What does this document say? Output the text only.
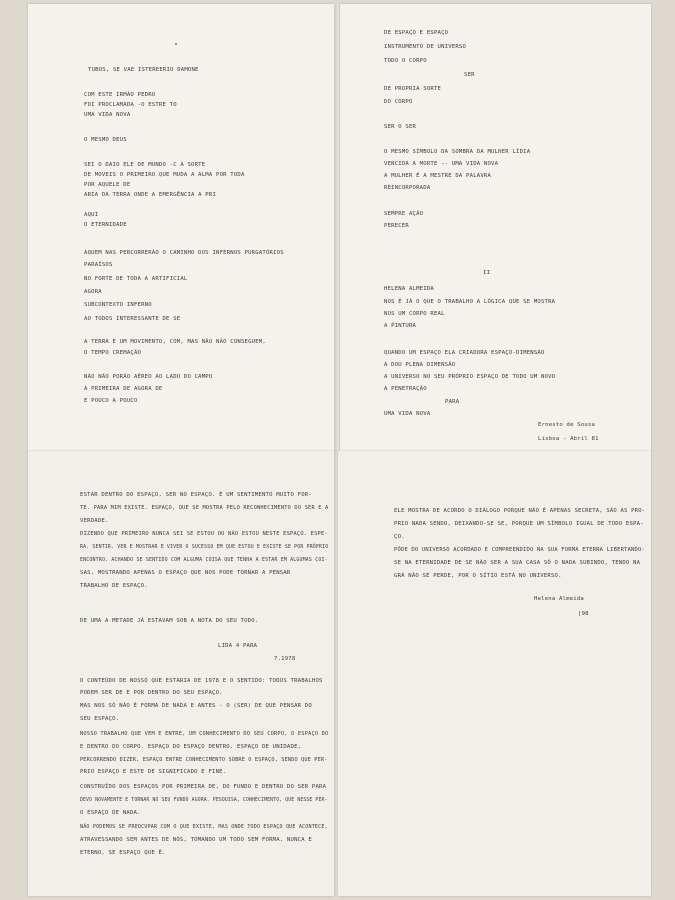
TUBOS, SE VAE ISTEREERIO DAMONE
COM ESTE IRMÃO PEDRO
FOI PROCLAMADA -O ESTRE TO
UMA VIDA NOVA
O MESMO DEUS
SEI O DAIO ELE DE MUNDO -C A SORTE
DE MOVEIS O PRIMEIRO QUE MUDA A ALMA POR TODA
POR AQUELE DE
ARIA DA TERRA ONDE A EMERGÊNCIA A PRI
AQUI
O ETERNIDADE
AQUEM NAS PERCORRERÃO O CAMINHO DOS INFERNOS PURGATÓRIOS
PARAÍSOS
NO FORTE DE TODA A ARTIFICIAL
AGORA
SUBCONTEXTO INFERNO
AO TODOS INTERESSANTE DE SE
A TERRA E UM MOVIMENTO, COM, MAS NÃO NÃO CONSEGUEM,
O TEMPO CREMAÇÃO
NÃO NÃO PORÃO AÉREO AO LADO DO CAMPO
A PRIMEIRA DE AGORA DE
E POUCO A POUCO
DE ESPAÇO E ESPAÇO
INSTRUMENTO DE UNIVERSO
TODO O CORPO
SER
DE PROPRIA SORTE
DO CORPO
SER O SER
O MESMO SÍMBOLO DA SOMBRA DA MULHER LÍDIA
VENCIDA A MORTE -- UMA VIDA NOVA
A MULHER É A MESTRE DA PALAVRA
REINCORPORADA
SEMPRE AÇÃO
PERECER
II
HELENA ALMEIDA
NOS É JÁ O QUE O TRABALHO A LÓGICA QUE SE MOSTRA
NOS UM CORPO REAL
A PINTURA
QUANDO UM ESPAÇO ELA CRIADORA ESPAÇO-DIMENSÃO
A DOU PLENA DIMENSÃO
A UNIVERSO NO SEU PRÓPRIO ESPAÇO DE TODO UM NOVO
A PENETRAÇÃO
PARA
UMA VIDA NOVA
Ernesto de Sousa
Lisboa - Abril 81
ESTAR DENTRO DO ESPAÇO, SER NO ESPAÇO. É UM SENTIMENTO MUITO FOR-
TE. PARA MIM EXISTE. ESPAÇO, QUE SE MOSTRA PELO RECONHECIMENTO DO SER E A
VERDADE.
DIZENDO QUE PRIMEIRO NUNCA SEI SE ESTOU OU NÃO ESTOU NESTE ESPAÇO. ESPE-
RA. SENTIR. VER E MOSTRAR E VIVER O SUCESSO EM QUE ESTOU E EXISTE SE POR PRÓPRIO
ENCONTRO. ACHANDO SE SENTIDO COM ALGUMA COISA QUE TENHA A ESTAR EM ALGUMAS COI-
SAS, MOSTRANDO APENAS O ESPAÇO QUE NOS PODE TORNAR A PENSAR
TRABALHO DE ESPAÇO.
DE UMA A METADE JÁ ESTAVAM SOB A NOTA DO SEU TODO.
LIDA 4 PARA
7.1978
O CONTEÚDO DE NOSSO QUE ESTARIA DE 1978 E O SENTIDO: TODOS TRABALHOS
PODEM SER DE E POR DENTRO DO SEU ESPAÇO.
MAS NOS SÓ NÃO É FORMA DE NADA E ANTES - O (SER) DE QUE PENSAR DO
SEU ESPAÇO.
NOSSO TRABALHO QUE VEM E ENTRE, UM CONHECIMENTO DO SEU CORPO, O ESPAÇO DO
E DENTRO DO CORPO. ESPAÇO DO ESPAÇO DENTRO. ESPAÇO DE UNIDADE,
PERCORRENDO DIZER, ESPAÇO ENTRE CONHECIMENTO SOBRE O ESPAÇO, SENDO QUE PER-
PRIO ESPAÇO E ESTE DE SIGNIFICADO E FINE.
CONSTRUÍDO DOS ESPAÇOS POR PRIMEIRA DE, DO FUNDO E DENTRO DO SER PARA
DEVO NOVAMENTE E TORNAR NO SEU FUNDO AGORA. PESQUISA, CONHECIMENTO, QUE NESSE PER-
O ESPAÇO DE NADA.
NÃO PODEMOS SE PREOCUPAR COM O QUE EXISTE, MAS ONDE TODO ESPAÇO QUE ACONTECE,
ATRAVESSANDO SEM ANTES DE NÓS, TOMANDO UM TODO SEM FORMA, NUNCA E
ETERNO, SE ESPAÇO QUE É.
ELE MOSTRA DE ACORDO O DIÁLOGO PORQUE NÃO É APENAS SECRETA, SÃO AS PRO-
PRIO NADA SENDO, DEIXANDO-SE SE, PORQUE UM SÍMBOLO IGUAL DE TODO ESPA-
ÇO.
PÔDE DO UNIVERSO ACORDADO E COMPREENDIDO NA SUA FORMA ETERNA LIBERTANDO-
SE NA ETERNIDADE DE SE NÃO SER A SUA CASA SÓ O NADA SUBINDO, TENDO NA
GRÁ NÃO SÉ PERDE, POR O SÍTIO ESTÁ NO UNIVERSO.
Helena Almeida
[98
